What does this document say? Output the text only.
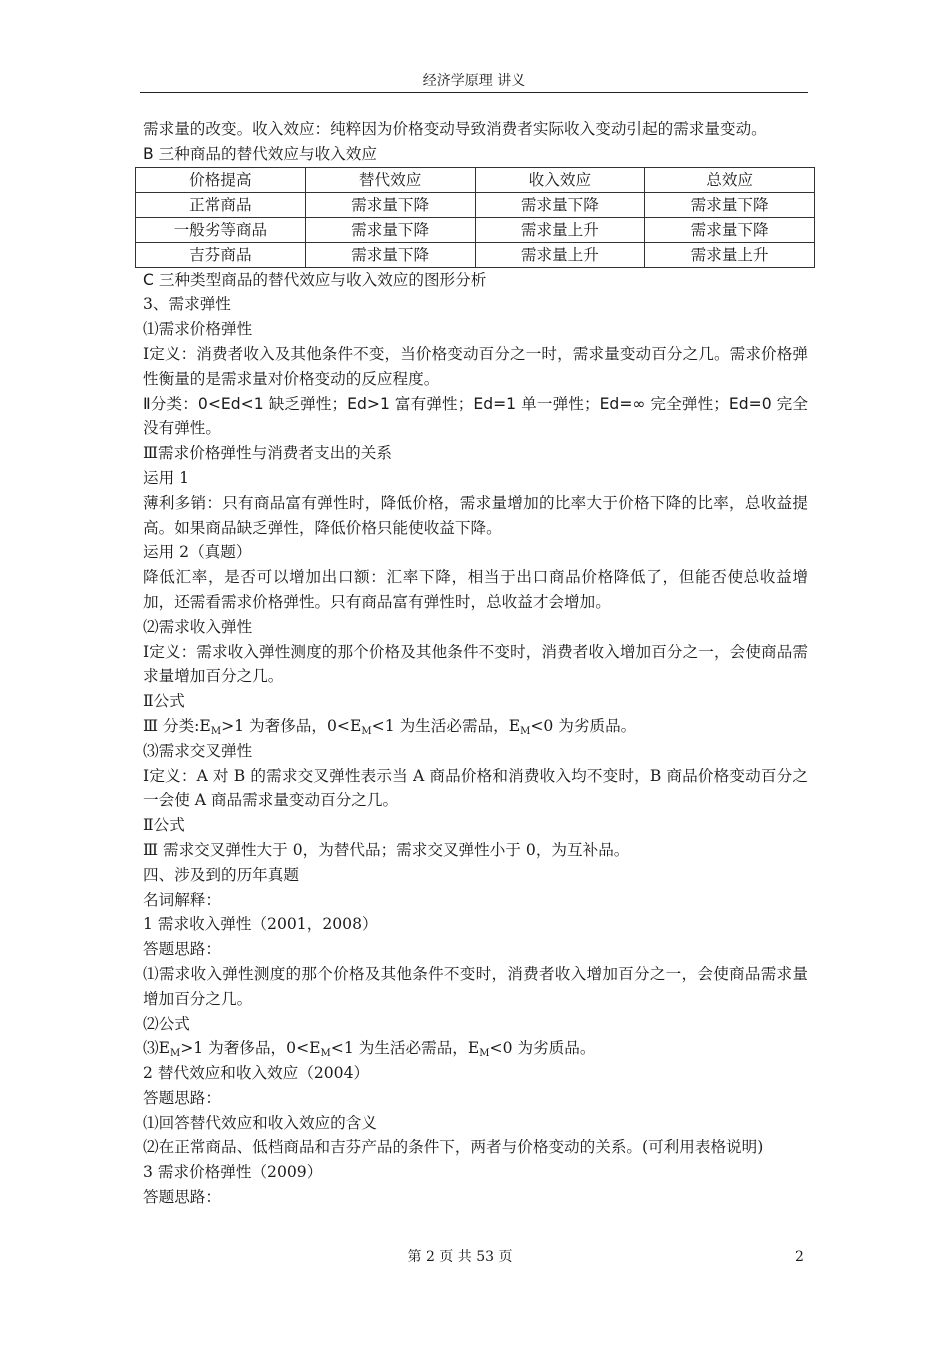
经济学原理 讲义
需求量的改变。收入效应：纯粹因为价格变动导致消费者实际收入变动引起的需求量变动。
B 三种商品的替代效应与收入效应
价格提高	替代效应	收入效应	总效应
正常商品	需求量下降	需求量下降	需求量下降
一般劣等商品	需求量下降	需求量上升	需求量下降
吉芬商品	需求量下降	需求量上升	需求量上升
C 三种类型商品的替代效应与收入效应的图形分析
3、需求弹性
⑴需求价格弹性
Ⅰ定义：消费者收入及其他条件不变，当价格变动百分之一时，需求量变动百分之几。需求价格弹性衡量的是需求量对价格变动的反应程度。
Ⅱ分类：0<Ed<1 缺乏弹性；Ed>1 富有弹性；Ed=1 单一弹性；Ed=∞ 完全弹性；Ed=0 完全没有弹性。
Ⅲ需求价格弹性与消费者支出的关系
运用 1
薄利多销：只有商品富有弹性时，降低价格，需求量增加的比率大于价格下降的比率，总收益提高。如果商品缺乏弹性，降低价格只能使收益下降。
运用 2（真题）
降低汇率，是否可以增加出口额：汇率下降，相当于出口商品价格降低了，但能否使总收益增加，还需看需求价格弹性。只有商品富有弹性时，总收益才会增加。
⑵需求收入弹性
Ⅰ定义：需求收入弹性测度的那个价格及其他条件不变时，消费者收入增加百分之一，会使商品需求量增加百分之几。
Ⅱ公式
Ⅲ 分类$:E_M>1$ 为奢侈品，$0<E_M<1$ 为生活必需品，$E_M<0$ 为劣质品。
⑶需求交叉弹性
Ⅰ定义：A 对 B 的需求交叉弹性表示当 A 商品价格和消费收入均不变时，B 商品价格变动百分之一会使 A 商品需求量变动百分之几。
Ⅱ公式
Ⅲ 需求交叉弹性大于 0，为替代品；需求交叉弹性小于 0，为互补品。
四、涉及到的历年真题
名词解释：
1 需求收入弹性（2001，2008）
答题思路：
⑴需求收入弹性测度的那个价格及其他条件不变时，消费者收入增加百分之一，会使商品需求量增加百分之几。
⑵公式
$⑶E_M>1$ 为奢侈品，$0<E_M<1$ 为生活必需品，$E_M<0$ 为劣质品。
2 替代效应和收入效应（2004）
答题思路：
⑴回答替代效应和收入效应的含义
⑵在正常商品、低档商品和吉芬产品的条件下，两者与价格变动的关系。(可利用表格说明)
3 需求价格弹性（2009）
答题思路：
第 2 页 共 53 页	2
